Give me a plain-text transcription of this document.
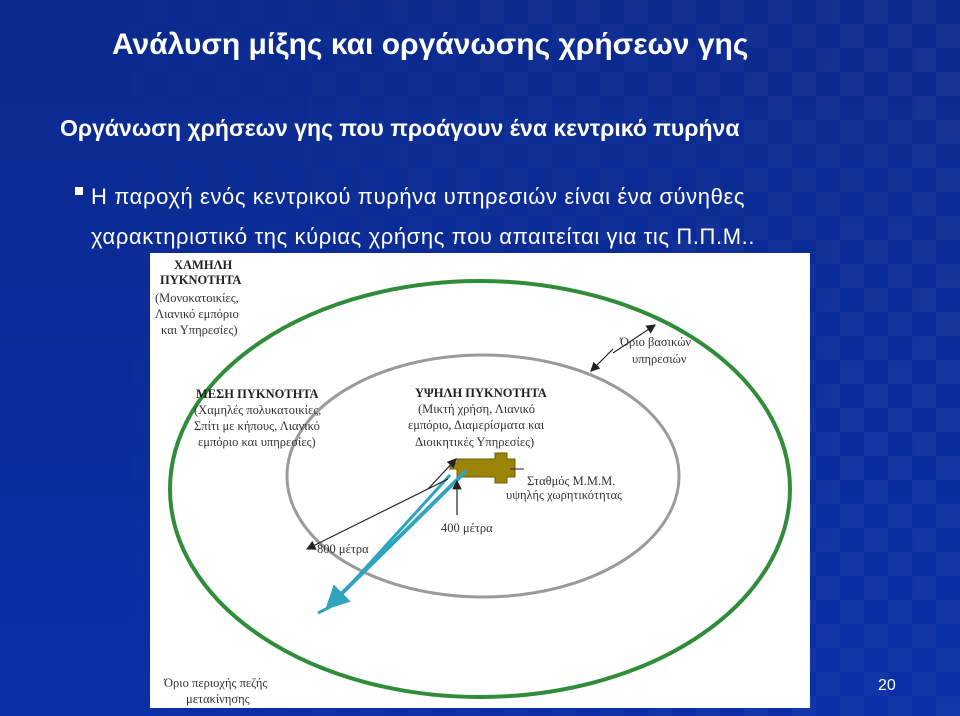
Ανάλυση μίξης και οργάνωσης χρήσεων γης
Οργάνωση χρήσεων γης που προάγουν ένα κεντρικό πυρήνα

Η παροχή ενός κεντρικού πυρήνα υπηρεσιών είναι ένα σύνηθες
χαρακτηριστικό της κύριας χρήσης που απαιτείται για τις Π.Π.Μ..

ΧΑΜΗΛΗ
ΠΥΚΝΟΤΗΤΑ
(Μονοκατοικίες,
Λιανικό εμπόριο
και Υπηρεσίες)
ΜΕΣΗ ΠΥΚΝΟΤΗΤΑ
(Χαμηλές πολυκατοικίες,
Σπίτι με κήπους, Λιανικό
εμπόριο και υπηρεσίες)
ΥΨΗΛΗ ΠΥΚΝΟΤΗΤΑ
(Μικτή χρήση, Λιανικό
εμπόριο, Διαμερίσματα και
Διοικητικές Υπηρεσίες)
Όριο βασικών
υπηρεσιών
Σταθμός Μ.Μ.Μ.
υψηλής χωρητικότητας
400 μέτρα
800 μέτρα
Όριο περιοχής πεζής
μετακίνησης
20
